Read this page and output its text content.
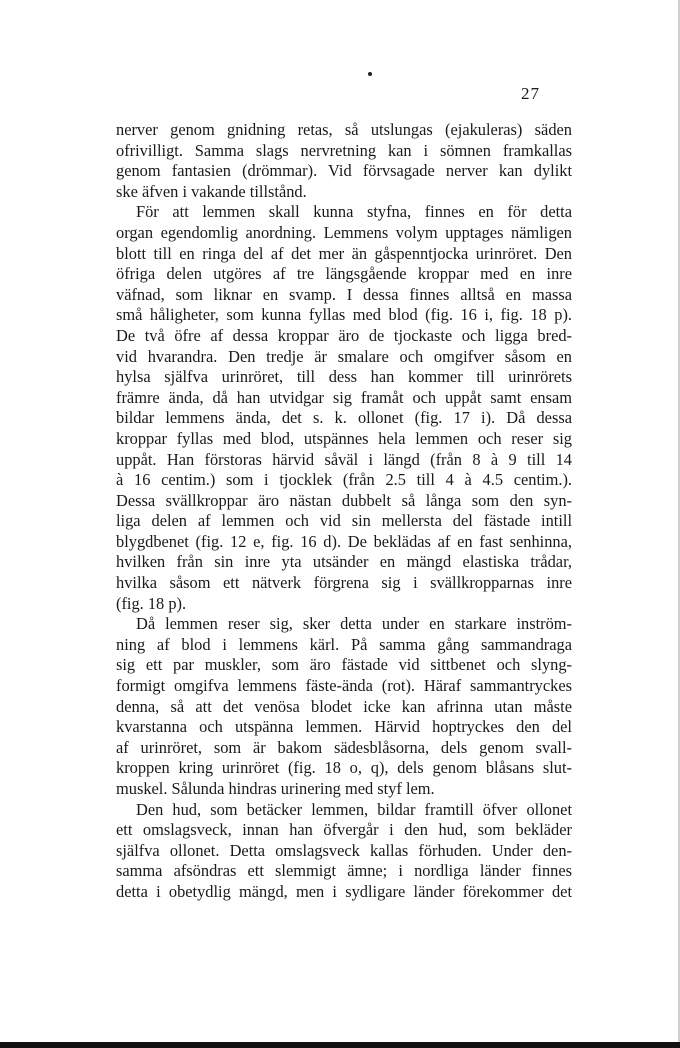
27
nerver genom gnidning retas, så utslungas (ejakuleras) säden
ofrivilligt. Samma slags nervretning kan i sömnen framkallas
genom fantasien (drömmar). Vid förvsagade nerver kan dylikt
ske äfven i vakande tillstånd.
För att lemmen skall kunna styfna, finnes en för detta
organ egendomlig anordning. Lemmens volym upptages nämligen
blott till en ringa del af det mer än gåspenntjocka urinröret. Den
öfriga delen utgöres af tre längsgående kroppar med en inre
väfnad, som liknar en svamp. I dessa finnes alltså en massa
små håligheter, som kunna fyllas med blod (fig. 16 i, fig. 18 p).
De två öfre af dessa kroppar äro de tjockaste och ligga bred-
vid hvarandra. Den tredje är smalare och omgifver såsom en
hylsa själfva urinröret, till dess han kommer till urinrörets
främre ända, då han utvidgar sig framåt och uppåt samt ensam
bildar lemmens ända, det s. k. ollonet (fig. 17 i). Då dessa
kroppar fyllas med blod, utspännes hela lemmen och reser sig
uppåt. Han förstoras härvid såväl i längd (från 8 à 9 till 14
à 16 centim.) som i tjocklek (från 2.5 till 4 à 4.5 centim.).
Dessa svällkroppar äro nästan dubbelt så långa som den syn-
liga delen af lemmen och vid sin mellersta del fästade intill
blygdbenet (fig. 12 e, fig. 16 d). De beklädas af en fast senhinna,
hvilken från sin inre yta utsänder en mängd elastiska trådar,
hvilka såsom ett nätverk förgrena sig i svällkropparnas inre
(fig. 18 p).
Då lemmen reser sig, sker detta under en starkare inström-
ning af blod i lemmens kärl. På samma gång sammandraga
sig ett par muskler, som äro fästade vid sittbenet och slyng-
formigt omgifva lemmens fäste-ända (rot). Häraf sammantryckes
denna, så att det venösa blodet icke kan afrinna utan måste
kvarstanna och utspänna lemmen. Härvid hoptryckes den del
af urinröret, som är bakom sädesblåsorna, dels genom svall-
kroppen kring urinröret (fig. 18 o, q), dels genom blåsans slut-
muskel. Sålunda hindras urinering med styf lem.
Den hud, som betäcker lemmen, bildar framtill öfver ollonet
ett omslagsveck, innan han öfvergår i den hud, som bekläder
själfva ollonet. Detta omslagsveck kallas förhuden. Under den-
samma afsöndras ett slemmigt ämne; i nordliga länder finnes
detta i obetydlig mängd, men i sydligare länder förekommer det
